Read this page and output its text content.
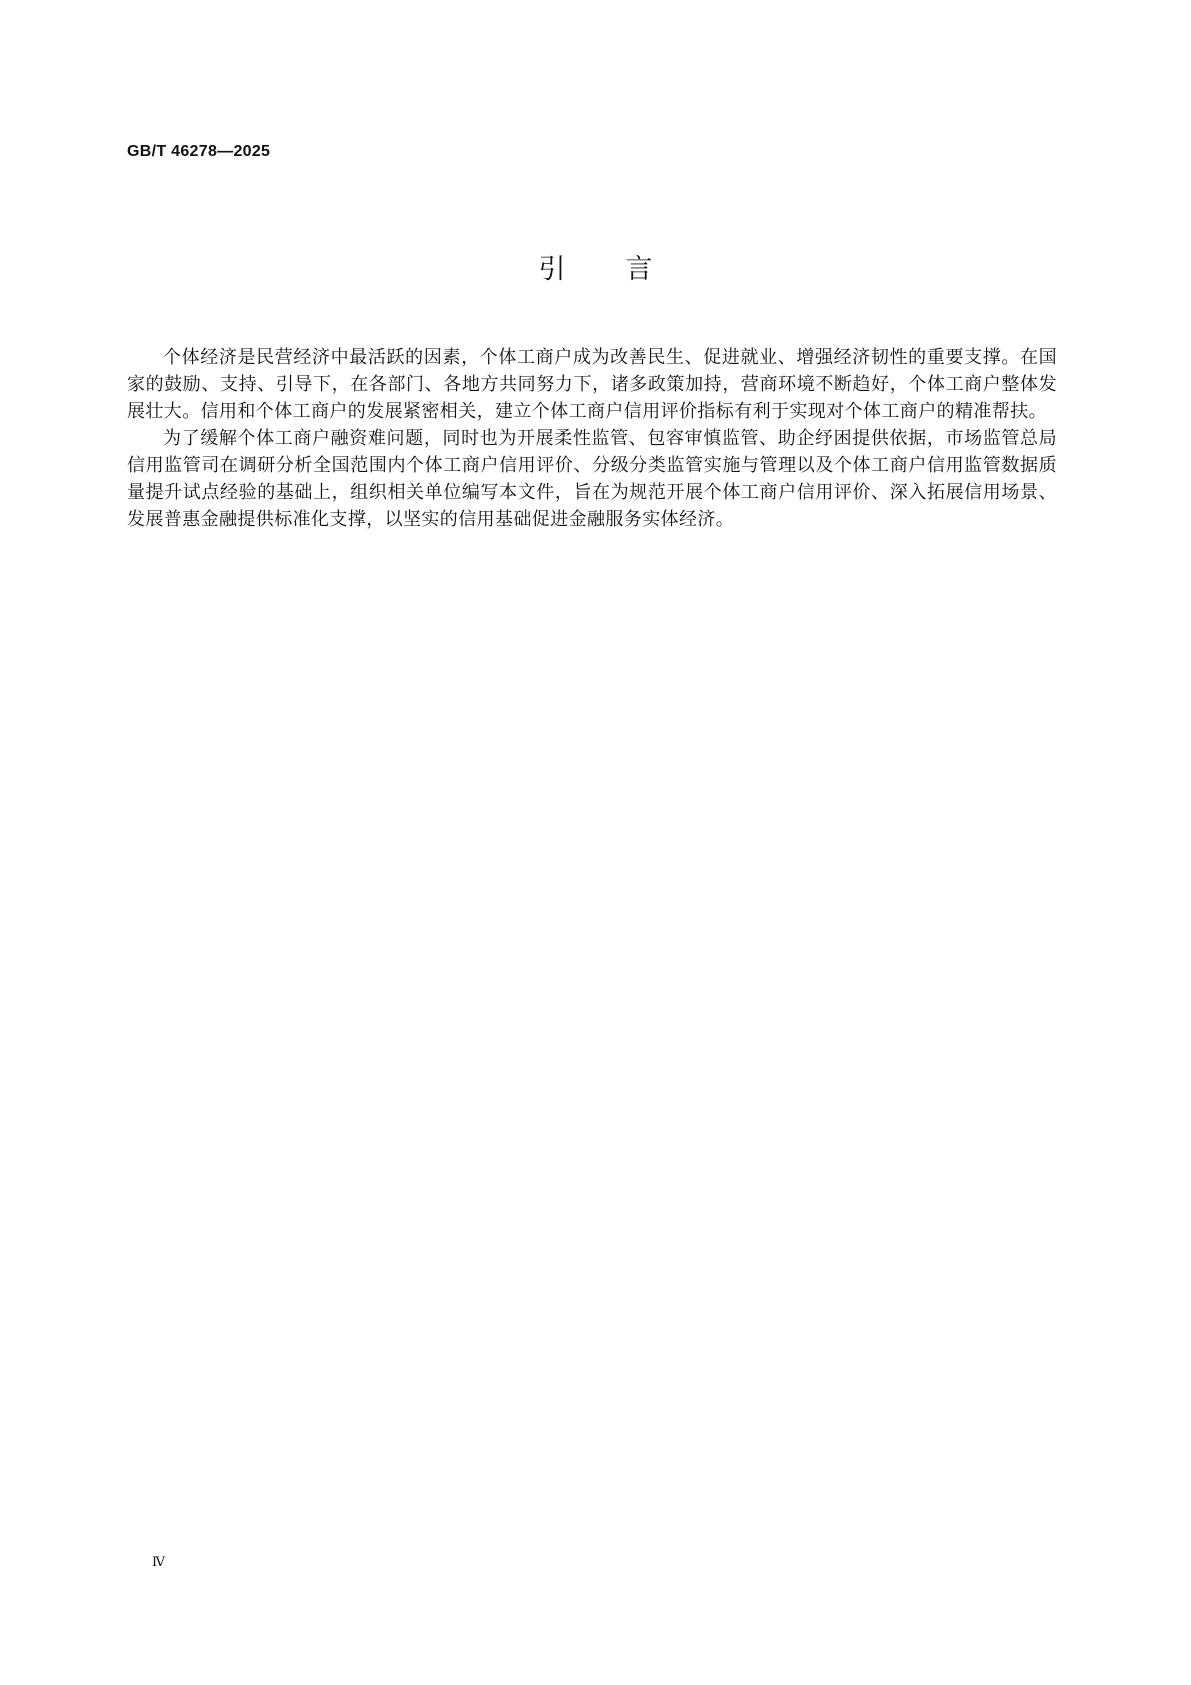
GB/T 46278—2025
引言

个体经济是民营经济中最活跃的因素，个体工商户成为改善民生、促进就业、增强经济韧性的重要支撑。在国家的鼓励、支持、引导下，在各部门、各地方共同努力下，诸多政策加持，营商环境不断趋好，个体工商户整体发展壮大。信用和个体工商户的发展紧密相关，建立个体工商户信用评价指标有利于实现对个体工商户的精准帮扶。

为了缓解个体工商户融资难问题，同时也为开展柔性监管、包容审慎监管、助企纾困提供依据，市场监管总局信用监管司在调研分析全国范围内个体工商户信用评价、分级分类监管实施与管理以及个体工商户信用监管数据质量提升试点经验的基础上，组织相关单位编写本文件，旨在为规范开展个体工商户信用评价、深入拓展信用场景、发展普惠金融提供标准化支撑，以坚实的信用基础促进金融服务实体经济。

Ⅳ
